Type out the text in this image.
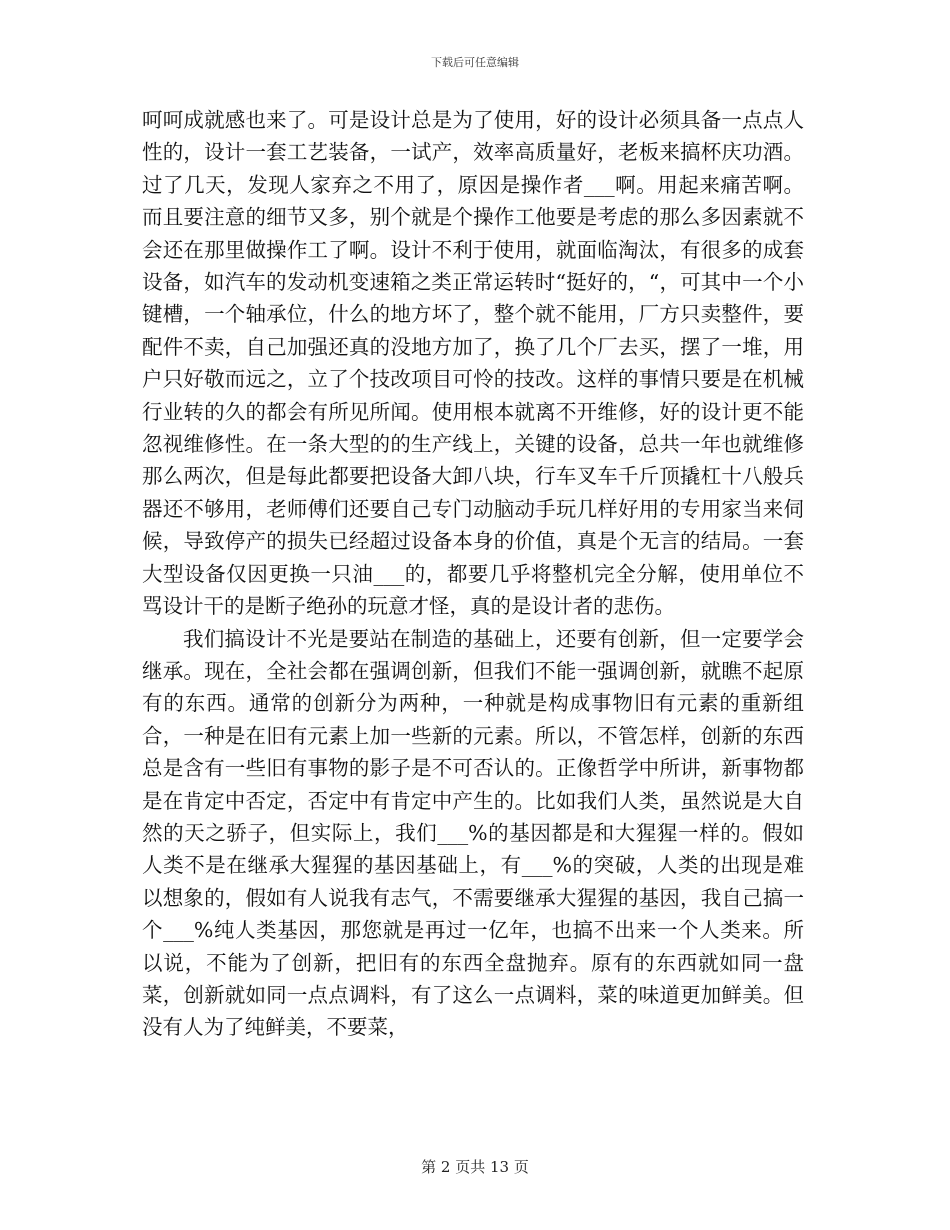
下载后可任意编辑

呵呵成就感也来了。可是设计总是为了使用，好的设计必须具备一点点人性的，设计一套工艺装备，一试产，效率高质量好，老板来搞杯庆功酒。过了几天，发现人家弃之不用了，原因是操作者___啊。用起来痛苦啊。而且要注意的细节又多，别个就是个操作工他要是考虑的那么多因素就不会还在那里做操作工了啊。设计不利于使用，就面临淘汰，有很多的成套设备，如汽车的发动机变速箱之类正常运转时“挺好的，“，可其中一个小键槽，一个轴承位，什么的地方坏了，整个就不能用，厂方只卖整件，要配件不卖，自己加强还真的没地方加了，换了几个厂去买，摆了一堆，用户只好敬而远之，立了个技改项目可怜的技改。这样的事情只要是在机械行业转的久的都会有所见所闻。使用根本就离不开维修，好的设计更不能忽视维修性。在一条大型的的生产线上，关键的设备，总共一年也就维修那么两次，但是每此都要把设备大卸八块，行车叉车千斤顶撬杠十八般兵器还不够用，老师傅们还要自己专门动脑动手玩几样好用的专用家当来伺候，导致停产的损失已经超过设备本身的价值，真是个无言的结局。一套大型设备仅因更换一只油___的，都要几乎将整机完全分解，使用单位不骂设计干的是断子绝孙的玩意才怪，真的是设计者的悲伤。

我们搞设计不光是要站在制造的基础上，还要有创新，但一定要学会继承。现在，全社会都在强调创新，但我们不能一强调创新，就瞧不起原有的东西。通常的创新分为两种，一种就是构成事物旧有元素的重新组合，一种是在旧有元素上加一些新的元素。所以，不管怎样，创新的东西总是含有一些旧有事物的影子是不可否认的。正像哲学中所讲，新事物都是在肯定中否定，否定中有肯定中产生的。比如我们人类，虽然说是大自然的天之骄子，但实际上，我们___%的基因都是和大猩猩一样的。假如人类不是在继承大猩猩的基因基础上，有___%的突破，人类的出现是难以想象的，假如有人说我有志气，不需要继承大猩猩的基因，我自己搞一个___%纯人类基因，那您就是再过一亿年，也搞不出来一个人类来。所以说，不能为了创新，把旧有的东西全盘抛弃。原有的东西就如同一盘菜，创新就如同一点点调料，有了这么一点调料，菜的味道更加鲜美。但没有人为了纯鲜美，不要菜，

第 2 页共 13 页
